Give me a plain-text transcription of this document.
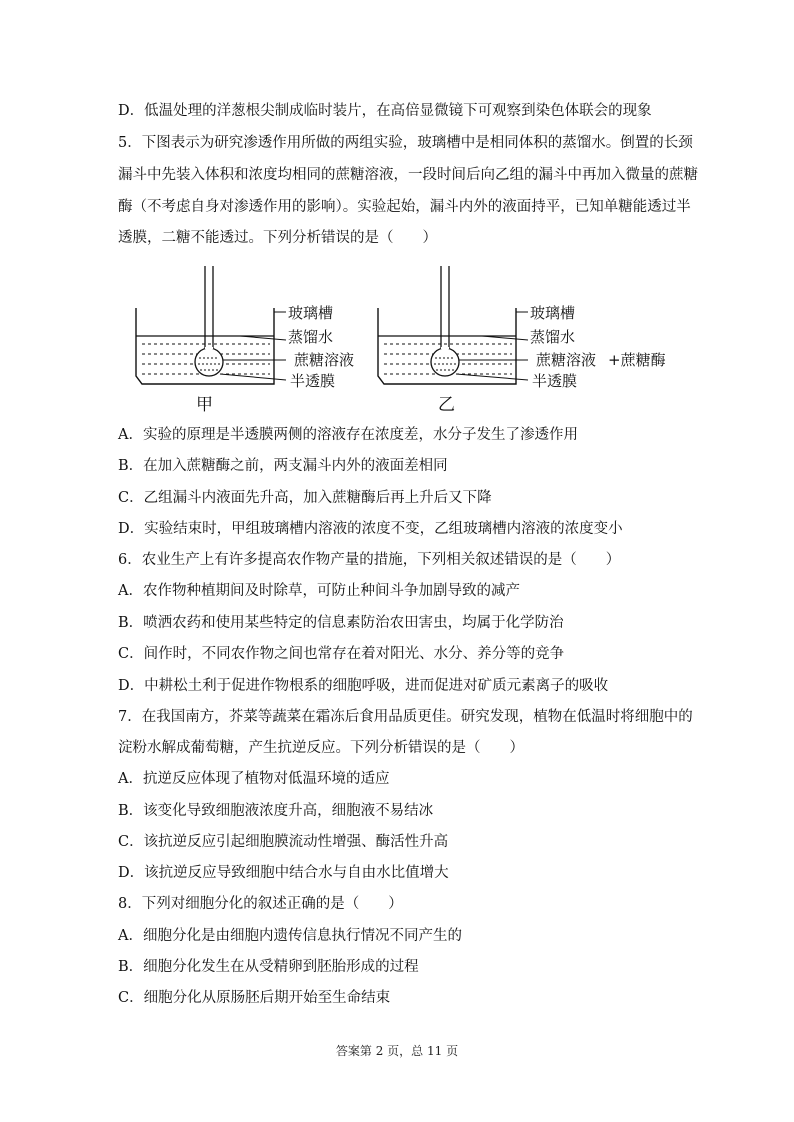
D．低温处理的洋葱根尖制成临时装片，在高倍显微镜下可观察到染色体联会的现象
5．下图表示为研究渗透作用所做的两组实验，玻璃槽中是相同体积的蒸馏水。倒置的长颈
漏斗中先装入体积和浓度均相同的蔗糖溶液，一段时间后向乙组的漏斗中再加入微量的蔗糖
酶（不考虑自身对渗透作用的影响）。实验起始，漏斗内外的液面持平，已知单糖能透过半
透膜，二糖不能透过。下列分析错误的是（　　）
玻璃槽
蒸馏水
蔗糖溶液
半透膜
甲
玻璃槽
蒸馏水
蔗糖溶液 +蔗糖酶
半透膜
乙
A．实验的原理是半透膜两侧的溶液存在浓度差，水分子发生了渗透作用
B．在加入蔗糖酶之前，两支漏斗内外的液面差相同
C．乙组漏斗内液面先升高，加入蔗糖酶后再上升后又下降
D．实验结束时，甲组玻璃槽内溶液的浓度不变，乙组玻璃槽内溶液的浓度变小
6．农业生产上有许多提高农作物产量的措施，下列相关叙述错误的是（　　）
A．农作物种植期间及时除草，可防止种间斗争加剧导致的减产
B．喷洒农药和使用某些特定的信息素防治农田害虫，均属于化学防治
C．间作时，不同农作物之间也常存在着对阳光、水分、养分等的竞争
D．中耕松土利于促进作物根系的细胞呼吸，进而促进对矿质元素离子的吸收
7．在我国南方，芥菜等蔬菜在霜冻后食用品质更佳。研究发现，植物在低温时将细胞中的
淀粉水解成葡萄糖，产生抗逆反应。下列分析错误的是（　　）
A．抗逆反应体现了植物对低温环境的适应
B．该变化导致细胞液浓度升高，细胞液不易结冰
C．该抗逆反应引起细胞膜流动性增强、酶活性升高
D．该抗逆反应导致细胞中结合水与自由水比值增大
8．下列对细胞分化的叙述正确的是（　　）
A．细胞分化是由细胞内遗传信息执行情况不同产生的
B．细胞分化发生在从受精卵到胚胎形成的过程
C．细胞分化从原肠胚后期开始至生命结束
答案第 2 页，总 11 页
